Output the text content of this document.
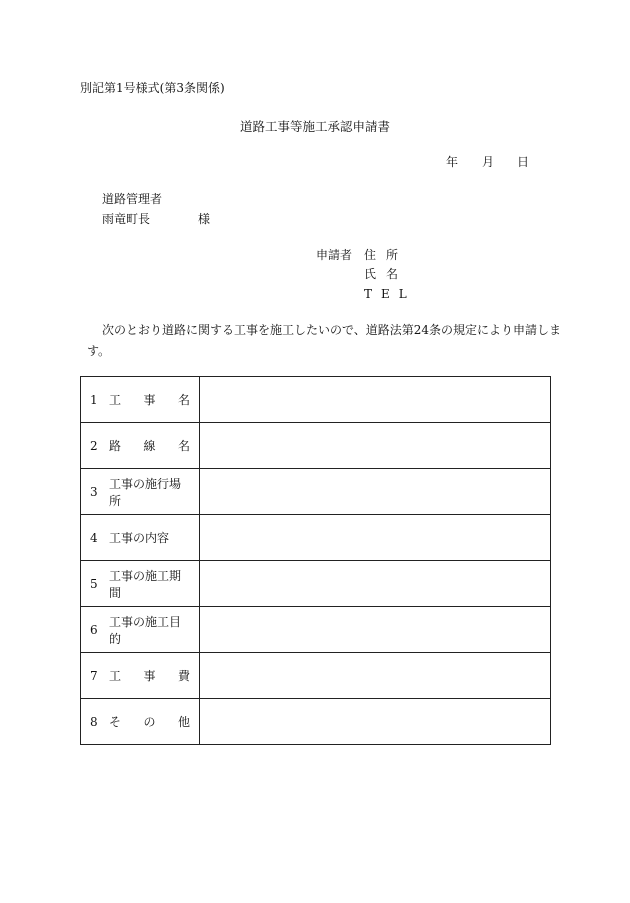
別記第1号様式(第3条関係)
道路工事等施工承認申請書
年 月 日
道路管理者
雨竜町長	様
申請者 住所
氏名
TEL
次のとおり道路に関する工事を施工したいので、道路法第24条の規定により申請しま
す。
1 工 事 名	

2 路 線 名	

3
工事の施行場所	

4 工事の内容	

5
工事の施工期間	

6
工事の施工目的	

7 工 事 費	

8 そ の 他	
